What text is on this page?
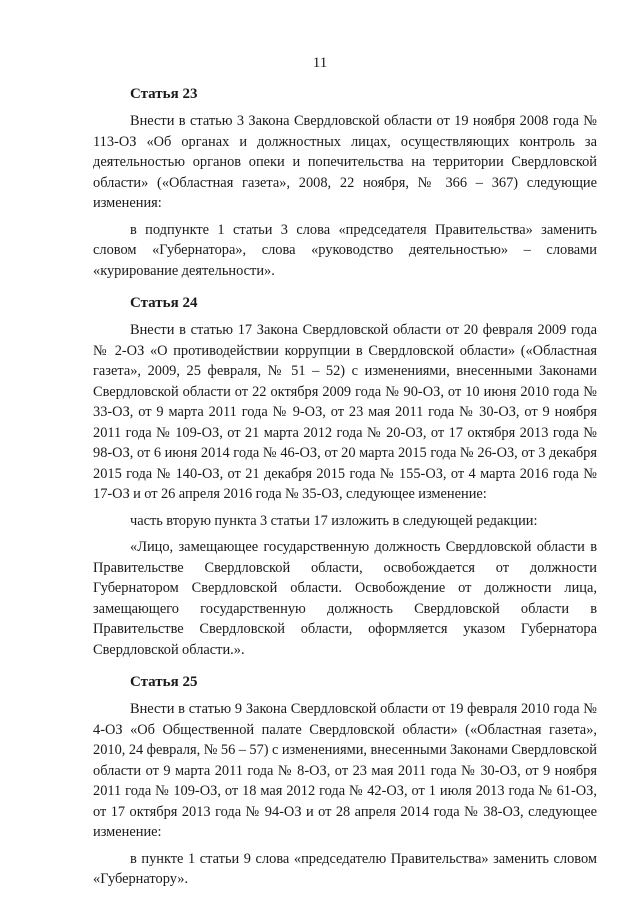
11
Статья 23

Внести в статью 3 Закона Свердловской области от 19 ноября 2008 года № 113-ОЗ «Об органах и должностных лицах, осуществляющих контроль за деятельностью органов опеки и попечительства на территории Свердловской области» («Областная газета», 2008, 22 ноября, № 366 – 367) следующие изменения:

в подпункте 1 статьи 3 слова «председателя Правительства» заменить словом «Губернатора», слова «руководство деятельностью» – словами «курирование деятельности».

Статья 24

Внести в статью 17 Закона Свердловской области от 20 февраля 2009 года № 2-ОЗ «О противодействии коррупции в Свердловской области» («Областная газета», 2009, 25 февраля, № 51 – 52) с изменениями, внесенными Законами Свердловской области от 22 октября 2009 года № 90-ОЗ, от 10 июня 2010 года № 33-ОЗ, от 9 марта 2011 года № 9-ОЗ, от 23 мая 2011 года № 30-ОЗ, от 9 ноября 2011 года № 109-ОЗ, от 21 марта 2012 года № 20-ОЗ, от 17 октября 2013 года № 98-ОЗ, от 6 июня 2014 года № 46-ОЗ, от 20 марта 2015 года № 26-ОЗ, от 3 декабря 2015 года № 140-ОЗ, от 21 декабря 2015 года № 155-ОЗ, от 4 марта 2016 года № 17-ОЗ и от 26 апреля 2016 года № 35-ОЗ, следующее изменение:

часть вторую пункта 3 статьи 17 изложить в следующей редакции:

«Лицо, замещающее государственную должность Свердловской области в Правительстве Свердловской области, освобождается от должности Губернатором Свердловской области. Освобождение от должности лица, замещающего государственную должность Свердловской области в Правительстве Свердловской области, оформляется указом Губернатора Свердловской области.».

Статья 25

Внести в статью 9 Закона Свердловской области от 19 февраля 2010 года № 4-ОЗ «Об Общественной палате Свердловской области» («Областная газета», 2010, 24 февраля, № 56 – 57) с изменениями, внесенными Законами Свердловской области от 9 марта 2011 года № 8-ОЗ, от 23 мая 2011 года № 30-ОЗ, от 9 ноября 2011 года № 109-ОЗ, от 18 мая 2012 года № 42-ОЗ, от 1 июля 2013 года № 61-ОЗ, от 17 октября 2013 года № 94-ОЗ и от 28 апреля 2014 года № 38-ОЗ, следующее изменение:

в пункте 1 статьи 9 слова «председателю Правительства» заменить словом «Губернатору».
